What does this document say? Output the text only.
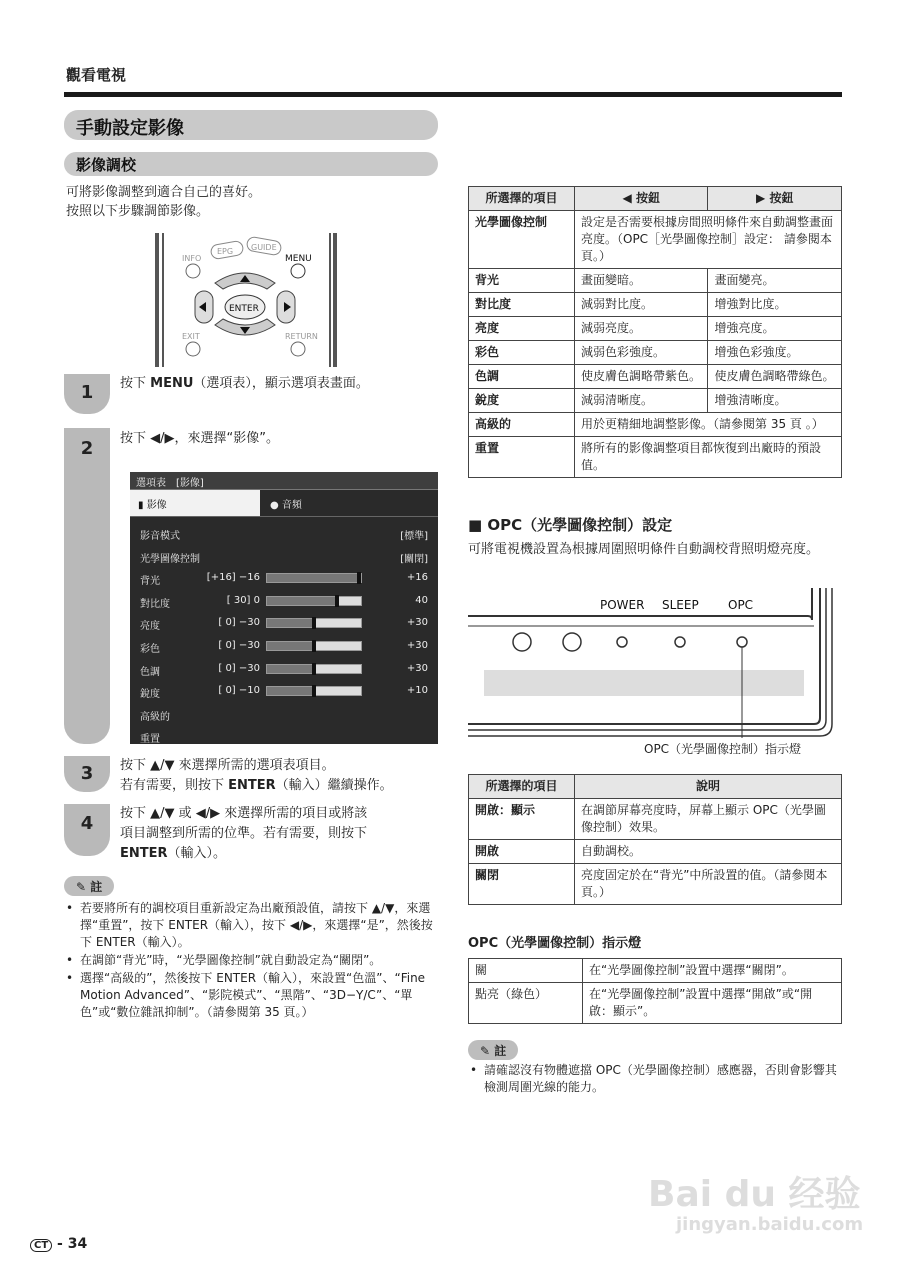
觀看電視
手動設定影像
影像調校
可將影像調整到適合自己的喜好。
按照以下步驟調節影像。
INFO
EPG GUIDE
MENU
ENTER
EXIT	RETURN
1	按下 MENU（選項表），顯示選項表畫面。
2	按下 ◀/▶，來選擇“影像”。
選項表　[影像]
▮ 影像	● 音頻
影音模式	[標準]
光學圖像控制	[關閉]
背光	[+16] −16	+16
對比度	[ 30] 0	40
亮度	[ 0] −30	+30
彩色	[ 0] −30	+30
色調	[ 0] −30	+30
銳度	[ 0] −10	+10
高級的
重置
3	按下 ▲/▼ 來選擇所需的選項表項目。
若有需要，則按下 ENTER（輸入）繼續操作。
4	按下 ▲/▼ 或 ◀/▶ 來選擇所需的項目或將該
項目調整到所需的位準。若有需要，則按下
ENTER（輸入）。
✎ 註
• 若要將所有的調校項目重新設定為出廠預設值，請按下 ▲/▼，來選擇“重置”，按下 ENTER（輸入），按下 ◀/▶，來選擇“是”，然後按下 ENTER（輸入）。
• 在調節“背光”時，“光學圖像控制”就自動設定為“關閉”。
• 選擇“高級的”，然後按下 ENTER（輸入），來設置“色溫”、“Fine Motion Advanced”、“影院模式”、“黑階”、“3D−Y/C”、“單色”或“數位雜訊抑制”。（請參閱第 35 頁。）
所選擇的項目	◀ 按鈕	▶ 按鈕
光學圖像控制	設定是否需要根據房間照明條件來自動調整畫面亮度。（OPC［光學圖像控制］設定： 請參閱本頁。）	
背光	畫面變暗。	畫面變亮。
對比度	減弱對比度。	增強對比度。
亮度	減弱亮度。	增強亮度。
彩色	減弱色彩強度。	增強色彩強度。
色調	使皮膚色調略帶紫色。	使皮膚色調略帶綠色。
銳度	減弱清晰度。	增強清晰度。
高級的	用於更精細地調整影像。（請參閱第 35 頁 。）	
重置	將所有的影像調整項目都恢復到出廠時的預設值。	
■ OPC（光學圖像控制）設定
可將電視機設置為根據周圍照明條件自動調校背照明燈亮度。
POWER SLEEP OPC
OPC（光學圖像控制）指示燈
所選擇的項目	說明
開啟：顯示	在調節屏幕亮度時，屏幕上顯示 OPC（光學圖像控制）效果。
開啟	自動調校。
關閉	亮度固定於在“背光”中所設置的值。（請參閱本頁。）
OPC（光學圖像控制）指示燈
關	在“光學圖像控制”設置中選擇“關閉”。
點亮（綠色）	在“光學圖像控制”設置中選擇“開啟”或“開啟：顯示”。
✎ 註
• 請確認沒有物體遮擋 OPC（光學圖像控制）感應器，否則會影響其檢測周圍光線的能力。
Bai du 经验
jingyan.baidu.com
CT - 34
